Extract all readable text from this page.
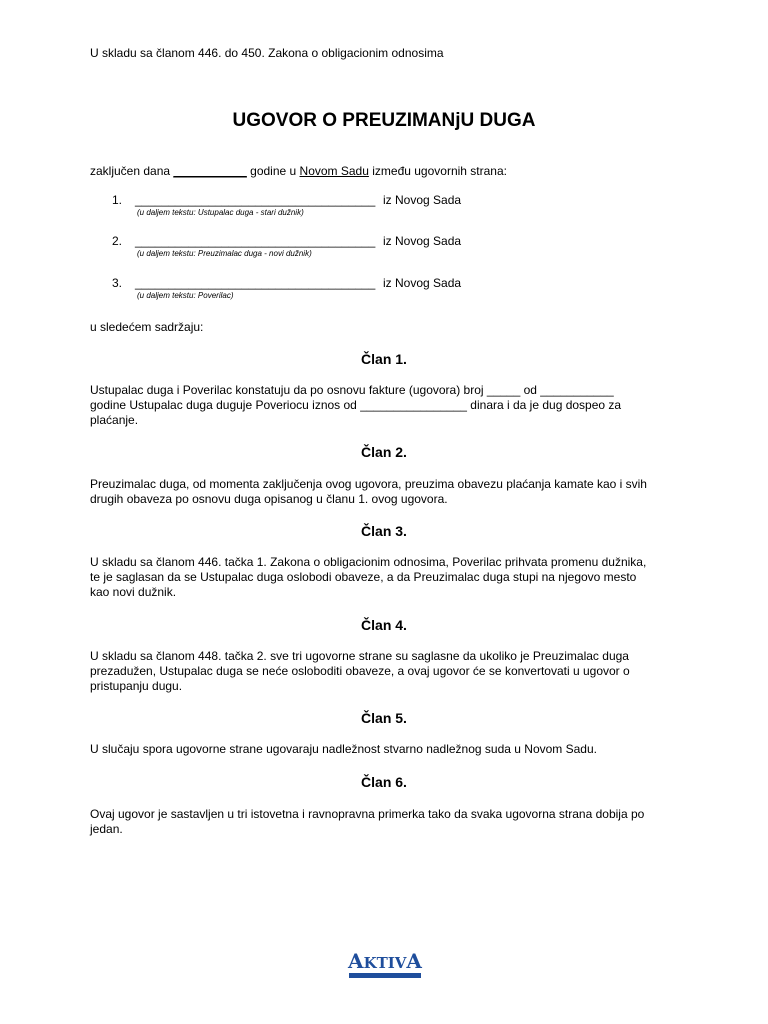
U skladu sa članom 446. do 450. Zakona o obligacionim odnosima
UGOVOR O PREUZIMANjU DUGA
zaključen dana ___________ godine u Novom Sadu između ugovornih strana:
1. ____________________________________ iz Novog Sada
(u daljem tekstu: Ustupalac duga - stari dužnik)
2. ____________________________________ iz Novog Sada
(u daljem tekstu: Preuzimalac duga - novi dužnik)
3. ____________________________________ iz Novog Sada
(u daljem tekstu: Poverilac)
u sledećem sadržaju:
Član 1.
Ustupalac duga i Poverilac konstatuju da po osnovu fakture (ugovora) broj _____ od ___________
godine Ustupalac duga duguje Poveriocu iznos od ________________ dinara i da je dug dospeo za
plaćanje.
Član 2.
Preuzimalac duga, od momenta zaključenja ovog ugovora, preuzima obavezu plaćanja kamate kao i svih
drugih obaveza po osnovu duga opisanog u članu 1. ovog ugovora.
Član 3.
U skladu sa članom 446. tačka 1. Zakona o obligacionim odnosima, Poverilac prihvata promenu dužnika,
te je saglasan da se Ustupalac duga oslobodi obaveze, a da Preuzimalac duga stupi na njegovo mesto
kao novi dužnik.
Član 4.
U skladu sa članom 448. tačka 2. sve tri ugovorne strane su saglasne da ukoliko je Preuzimalac duga
prezadužen, Ustupalac duga se neće osloboditi obaveze, a ovaj ugovor će se konvertovati u ugovor o
pristupanju dugu.
Član 5.
U slučaju spora ugovorne strane ugovaraju nadležnost stvarno nadležnog suda u Novom Sadu.
Član 6.
Ovaj ugovor je sastavljen u tri istovetna i ravnopravna primerka tako da svaka ugovorna strana dobija po
jedan.
AKTIVA
